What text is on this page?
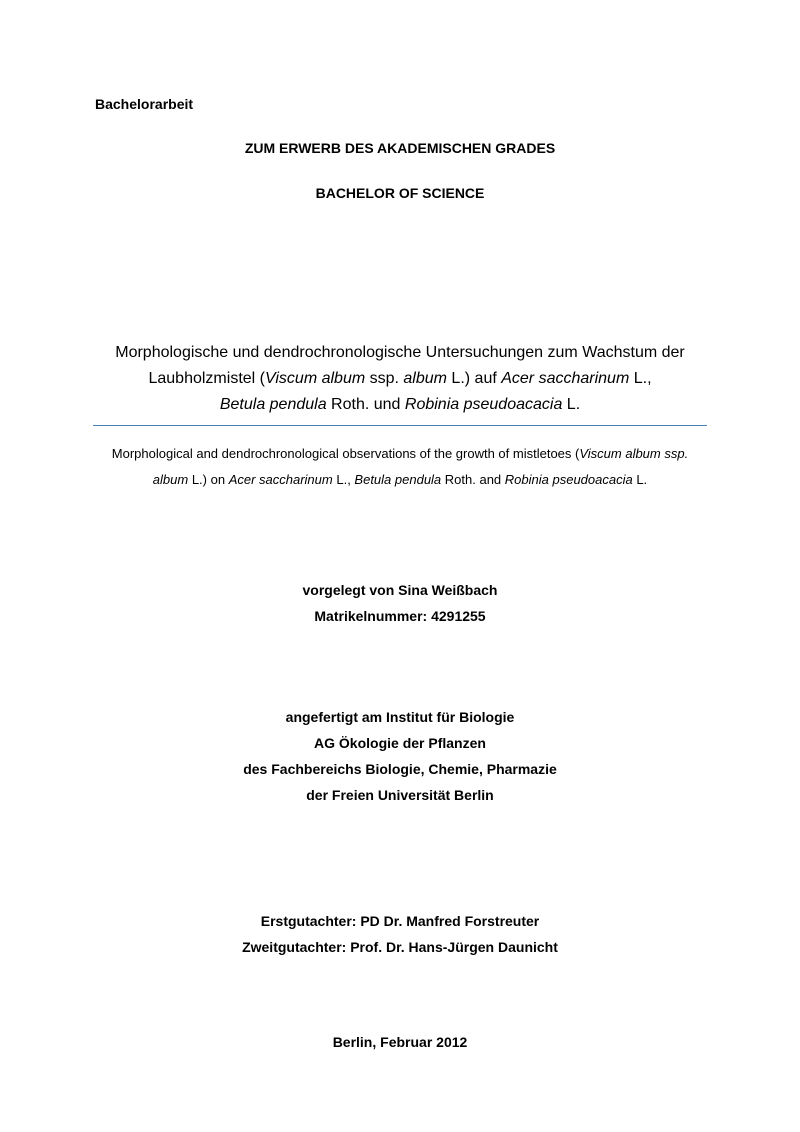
Bachelorarbeit
ZUM ERWERB DES AKADEMISCHEN GRADES
BACHELOR OF SCIENCE
Morphologische und dendrochronologische Untersuchungen zum Wachstum der
Laubholzmistel (Viscum album ssp. album L.) auf Acer saccharinum L.,
Betula pendula Roth. und Robinia pseudoacacia L.
Morphological and dendrochronological observations of the growth of mistletoes (Viscum album ssp.
album L.) on Acer saccharinum L., Betula pendula Roth. and Robinia pseudoacacia L.
vorgelegt von Sina Weißbach
Matrikelnummer: 4291255
angefertigt am Institut für Biologie
AG Ökologie der Pflanzen
des Fachbereichs Biologie, Chemie, Pharmazie
der Freien Universität Berlin
Erstgutachter: PD Dr. Manfred Forstreuter
Zweitgutachter: Prof. Dr. Hans-Jürgen Daunicht
Berlin, Februar 2012
